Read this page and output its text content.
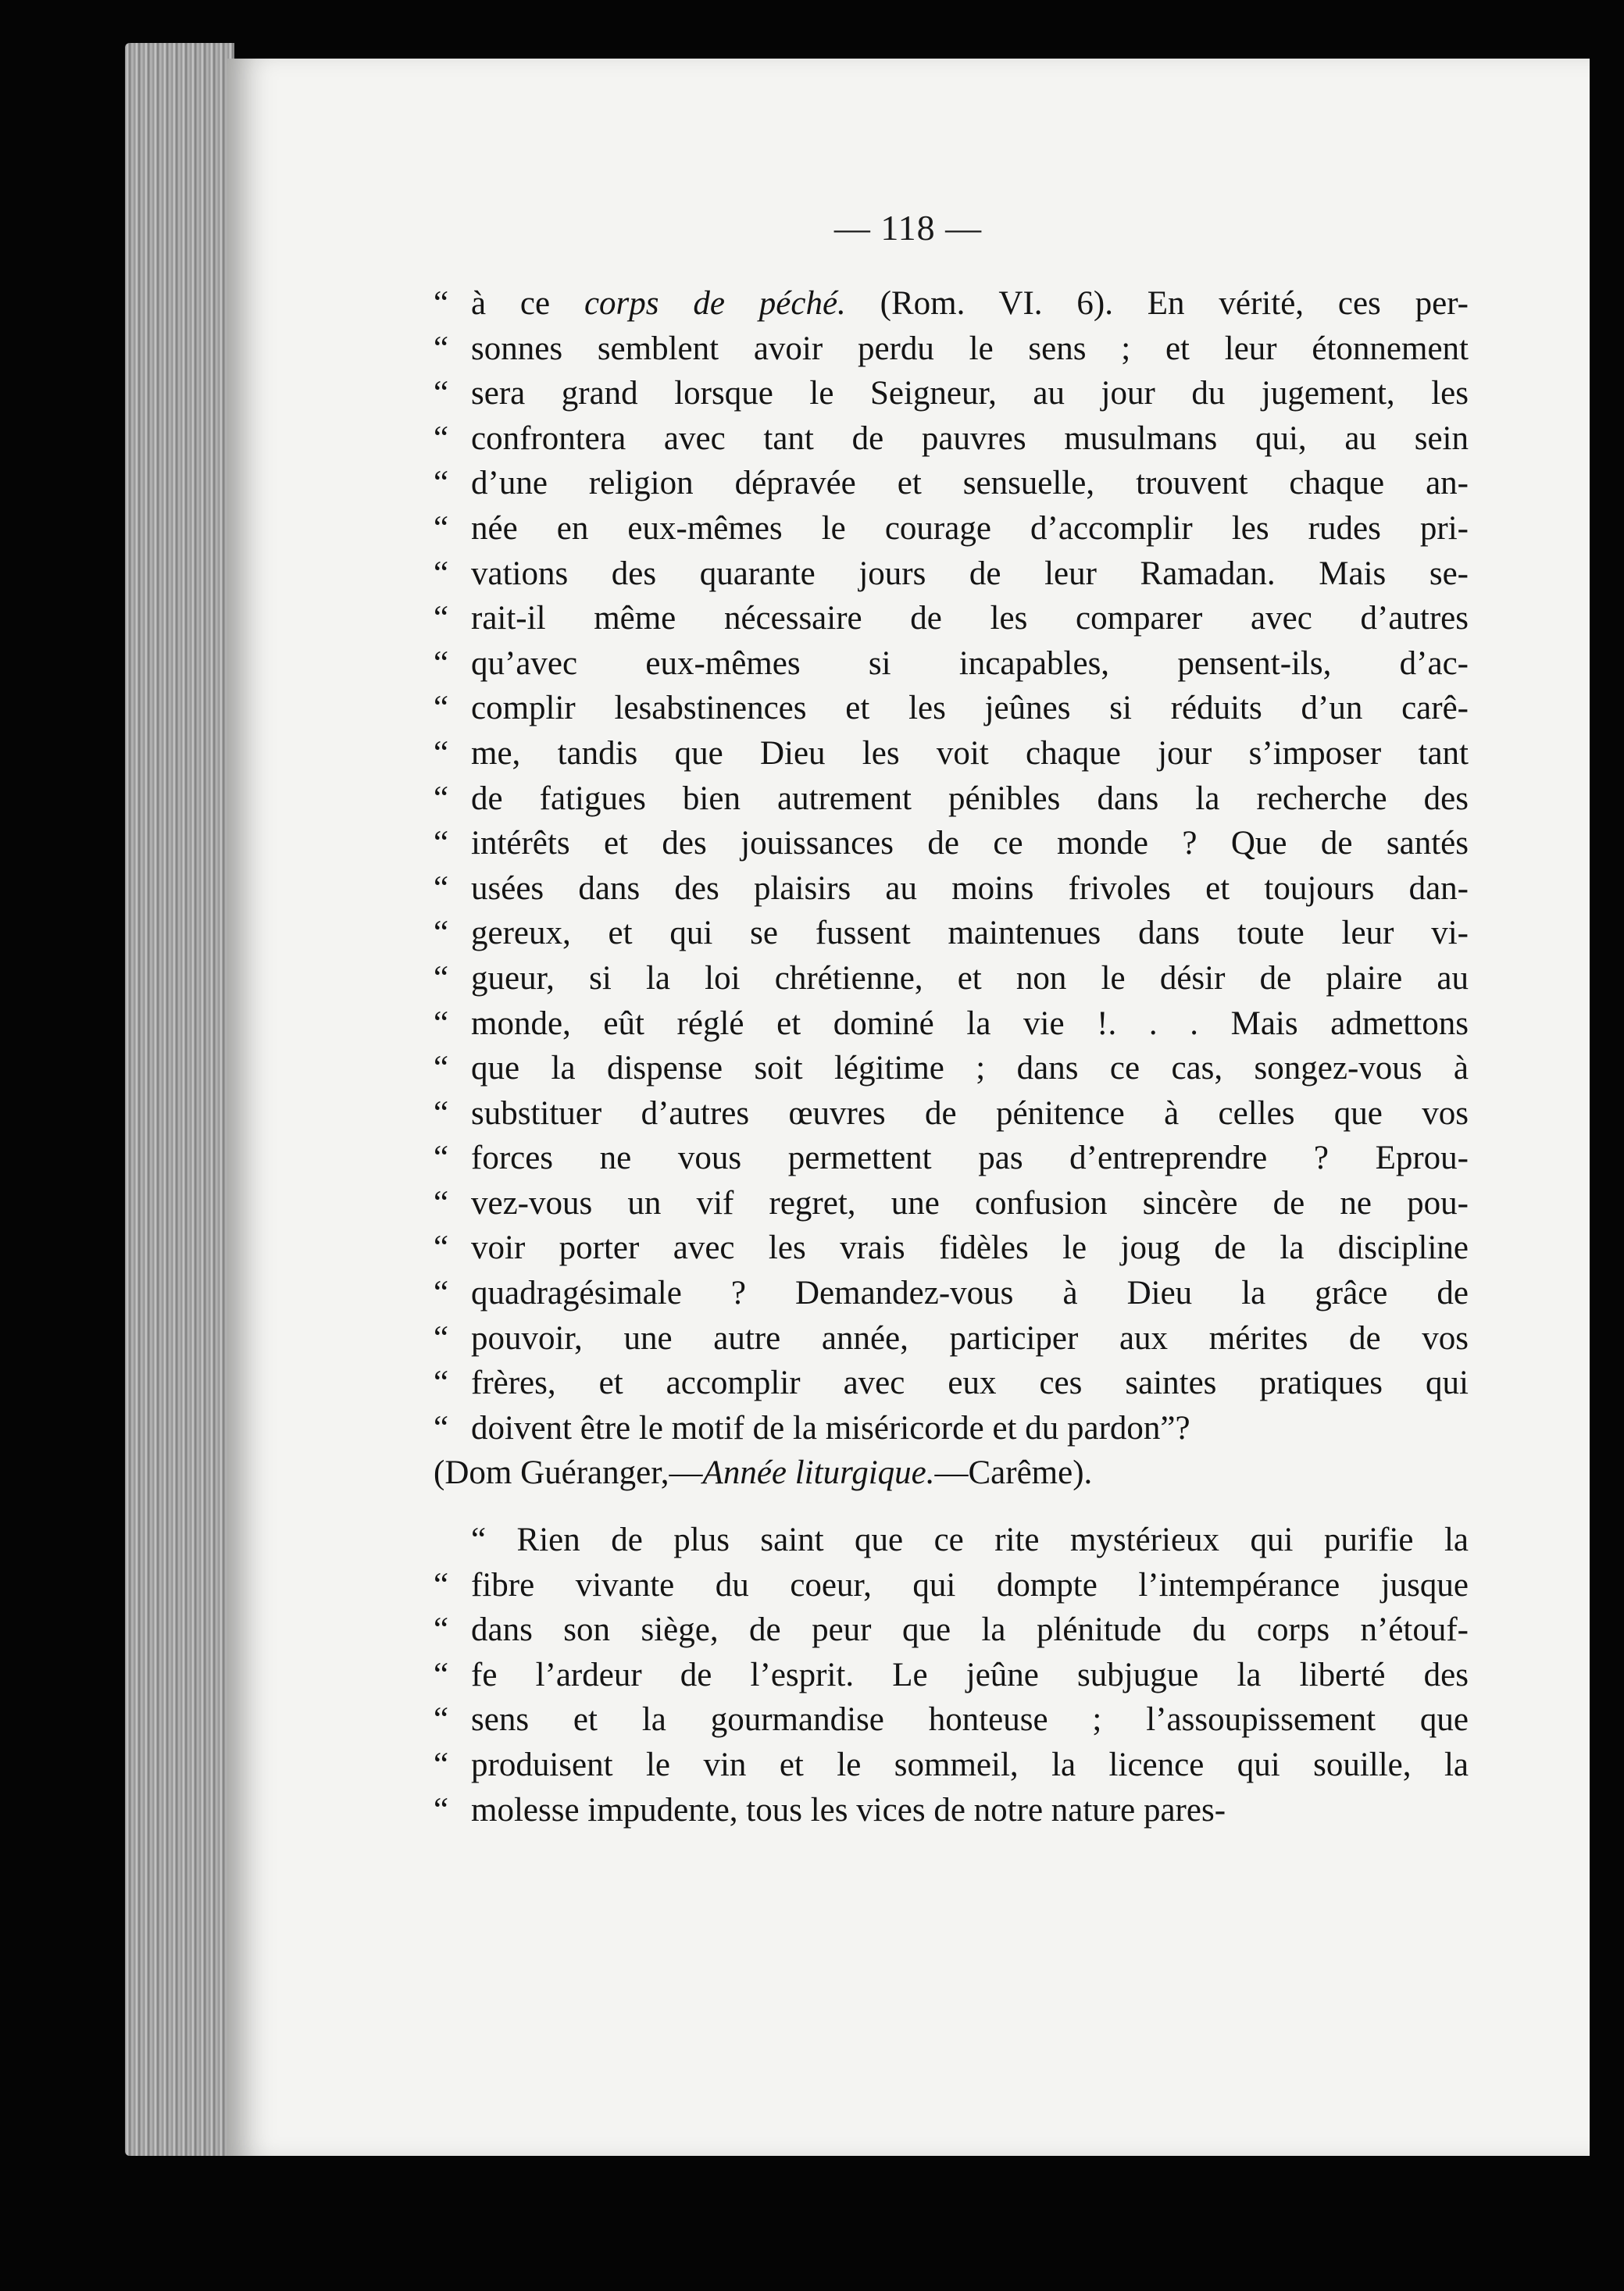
— 118 —
“ à ce corps de péché. (Rom. VI. 6). En vérité, ces per-
“ sonnes semblent avoir perdu le sens ; et leur étonnement
“ sera grand lorsque le Seigneur, au jour du jugement, les
“ confrontera avec tant de pauvres musulmans qui, au sein
“ d’une religion dépravée et sensuelle, trouvent chaque an-
“ née en eux-mêmes le courage d’accomplir les rudes pri-
“ vations des quarante jours de leur Ramadan. Mais se-
“ rait-il même nécessaire de les comparer avec d’autres
“ qu’avec eux-mêmes si incapables, pensent-ils, d’ac-
“ complir lesabstinences et les jeûnes si réduits d’un carê-
“ me, tandis que Dieu les voit chaque jour s’imposer tant
“ de fatigues bien autrement pénibles dans la recherche des
“ intérêts et des jouissances de ce monde ? Que de santés
“ usées dans des plaisirs au moins frivoles et toujours dan-
“ gereux, et qui se fussent maintenues dans toute leur vi-
“ gueur, si la loi chrétienne, et non le désir de plaire au
“ monde, eût réglé et dominé la vie !. . . Mais admettons
“ que la dispense soit légitime ; dans ce cas, songez-vous à
“ substituer d’autres œuvres de pénitence à celles que vos
“ forces ne vous permettent pas d’entreprendre ? Eprou-
“ vez-vous un vif regret, une confusion sincère de ne pou-
“ voir porter avec les vrais fidèles le joug de la discipline
“ quadragésimale ? Demandez-vous à Dieu la grâce de
“ pouvoir, une autre année, participer aux mérites de vos
“ frères, et accomplir avec eux ces saintes pratiques qui
“ doivent être le motif de la miséricorde et du pardon”?
(Dom Guéranger,—Année liturgique.—Carême).
“ Rien de plus saint que ce rite mystérieux qui purifie la
“ fibre vivante du coeur, qui dompte l’intempérance jusque
“ dans son siège, de peur que la plénitude du corps n’étouf-
“ fe l’ardeur de l’esprit. Le jeûne subjugue la liberté des
“ sens et la gourmandise honteuse ; l’assoupissement que
“ produisent le vin et le sommeil, la licence qui souille, la
“ molesse impudente, tous les vices de notre nature pares-
